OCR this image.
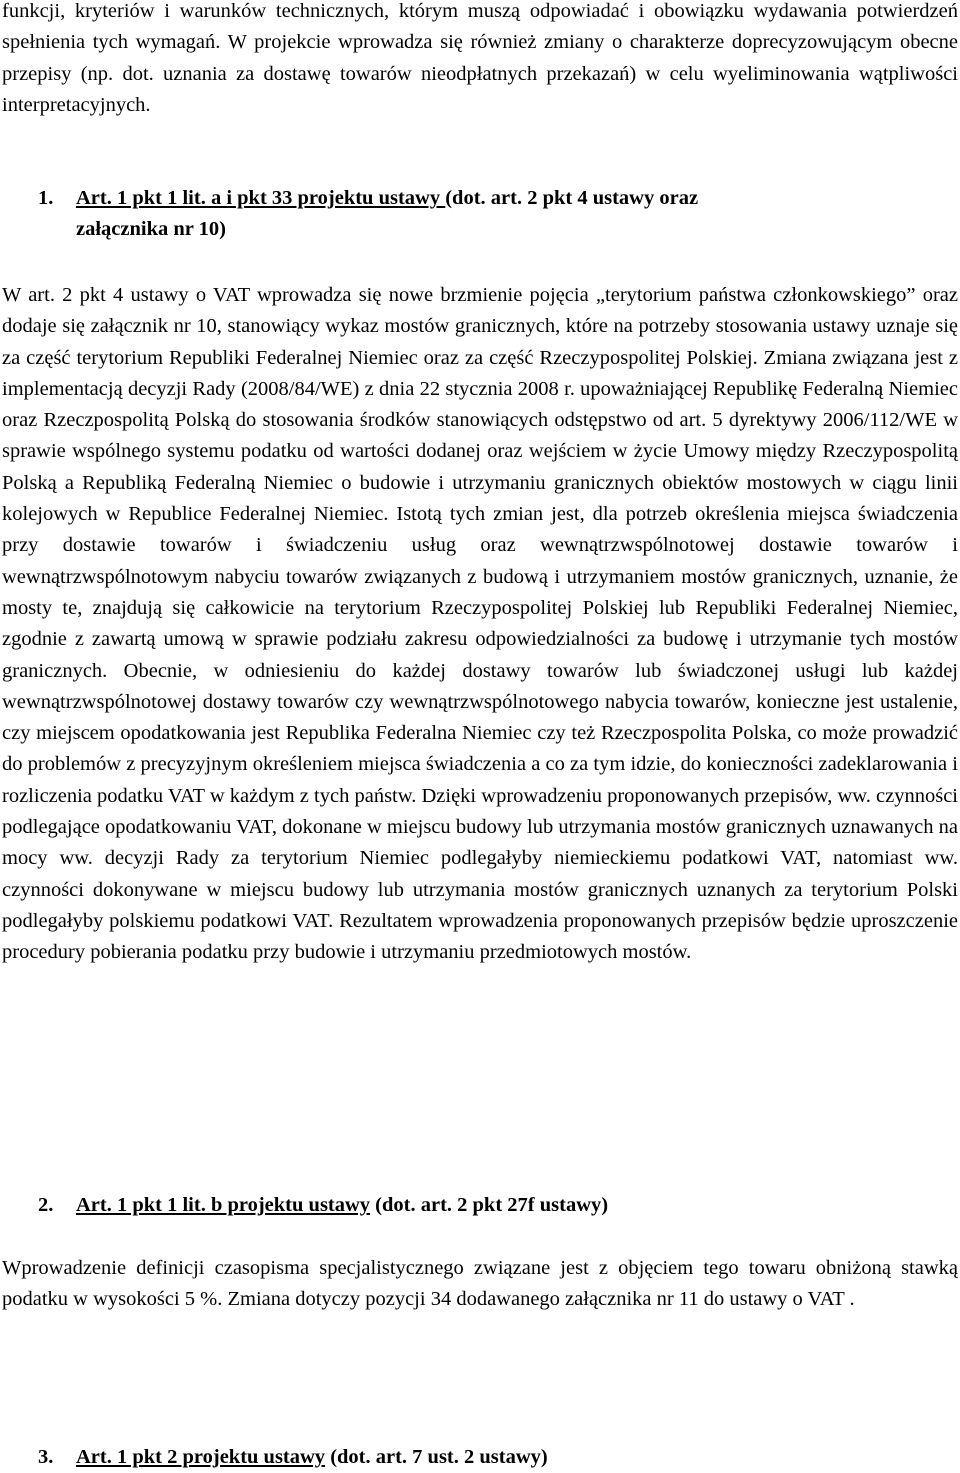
funkcji, kryteriów i warunków technicznych, którym muszą odpowiadać i obowiązku wydawania potwierdzeń spełnienia tych wymagań. W projekcie wprowadza się również zmiany o charakterze doprecyzowującym obecne przepisy (np. dot. uznania za dostawę towarów nieodpłatnych przekazań) w celu wyeliminowania wątpliwości interpretacyjnych.

1. Art. 1 pkt 1 lit. a i pkt 33 projektu ustawy (dot. art. 2 pkt 4 ustawy oraz
załącznika nr 10)

W art. 2 pkt 4 ustawy o VAT wprowadza się nowe brzmienie pojęcia „terytorium państwa członkowskiego” oraz dodaje się załącznik nr 10, stanowiący wykaz mostów granicznych, które na potrzeby stosowania ustawy uznaje się za część terytorium Republiki Federalnej Niemiec oraz za część Rzeczypospolitej Polskiej. Zmiana związana jest z implementacją decyzji Rady (2008/84/WE) z dnia 22 stycznia 2008 r. upoważniającej Republikę Federalną Niemiec oraz Rzeczpospolitą Polską do stosowania środków stanowiących odstępstwo od art. 5 dyrektywy 2006/112/WE w sprawie wspólnego systemu podatku od wartości dodanej oraz wejściem w życie Umowy między Rzeczypospolitą Polską a Republiką Federalną Niemiec o budowie i utrzymaniu granicznych obiektów mostowych w ciągu linii kolejowych w Republice Federalnej Niemiec. Istotą tych zmian jest, dla potrzeb określenia miejsca świadczenia przy dostawie towarów i świadczeniu usług oraz wewnątrzwspólnotowej dostawie towarów i wewnątrzwspólnotowym nabyciu towarów związanych z budową i utrzymaniem mostów granicznych, uznanie, że mosty te, znajdują się całkowicie na terytorium Rzeczypospolitej Polskiej lub Republiki Federalnej Niemiec, zgodnie z zawartą umową w sprawie podziału zakresu odpowiedzialności za budowę i utrzymanie tych mostów granicznych. Obecnie, w odniesieniu do każdej dostawy towarów lub świadczonej usługi lub każdej wewnątrzwspólnotowej dostawy towarów czy wewnątrzwspólnotowego nabycia towarów, konieczne jest ustalenie, czy miejscem opodatkowania jest Republika Federalna Niemiec czy też Rzeczpospolita Polska, co może prowadzić do problemów z precyzyjnym określeniem miejsca świadczenia a co za tym idzie, do konieczności zadeklarowania i rozliczenia podatku VAT w każdym z tych państw. Dzięki wprowadzeniu proponowanych przepisów, ww. czynności podlegające opodatkowaniu VAT, dokonane w miejscu budowy lub utrzymania mostów granicznych uznawanych na mocy ww. decyzji Rady za terytorium Niemiec podlegałyby niemieckiemu podatkowi VAT, natomiast ww. czynności dokonywane w miejscu budowy lub utrzymania mostów granicznych uznanych za terytorium Polski podlegałyby polskiemu podatkowi VAT. Rezultatem wprowadzenia proponowanych przepisów będzie uproszczenie procedury pobierania podatku przy budowie i utrzymaniu przedmiotowych mostów.

2. Art. 1 pkt 1 lit. b projektu ustawy (dot. art. 2 pkt 27f ustawy)

Wprowadzenie definicji czasopisma specjalistycznego związane jest z objęciem tego towaru obniżoną stawką podatku w wysokości 5 %. Zmiana dotyczy pozycji 34 dodawanego załącznika nr 11 do ustawy o VAT .

3. Art. 1 pkt 2 projektu ustawy (dot. art. 7 ust. 2 ustawy)
